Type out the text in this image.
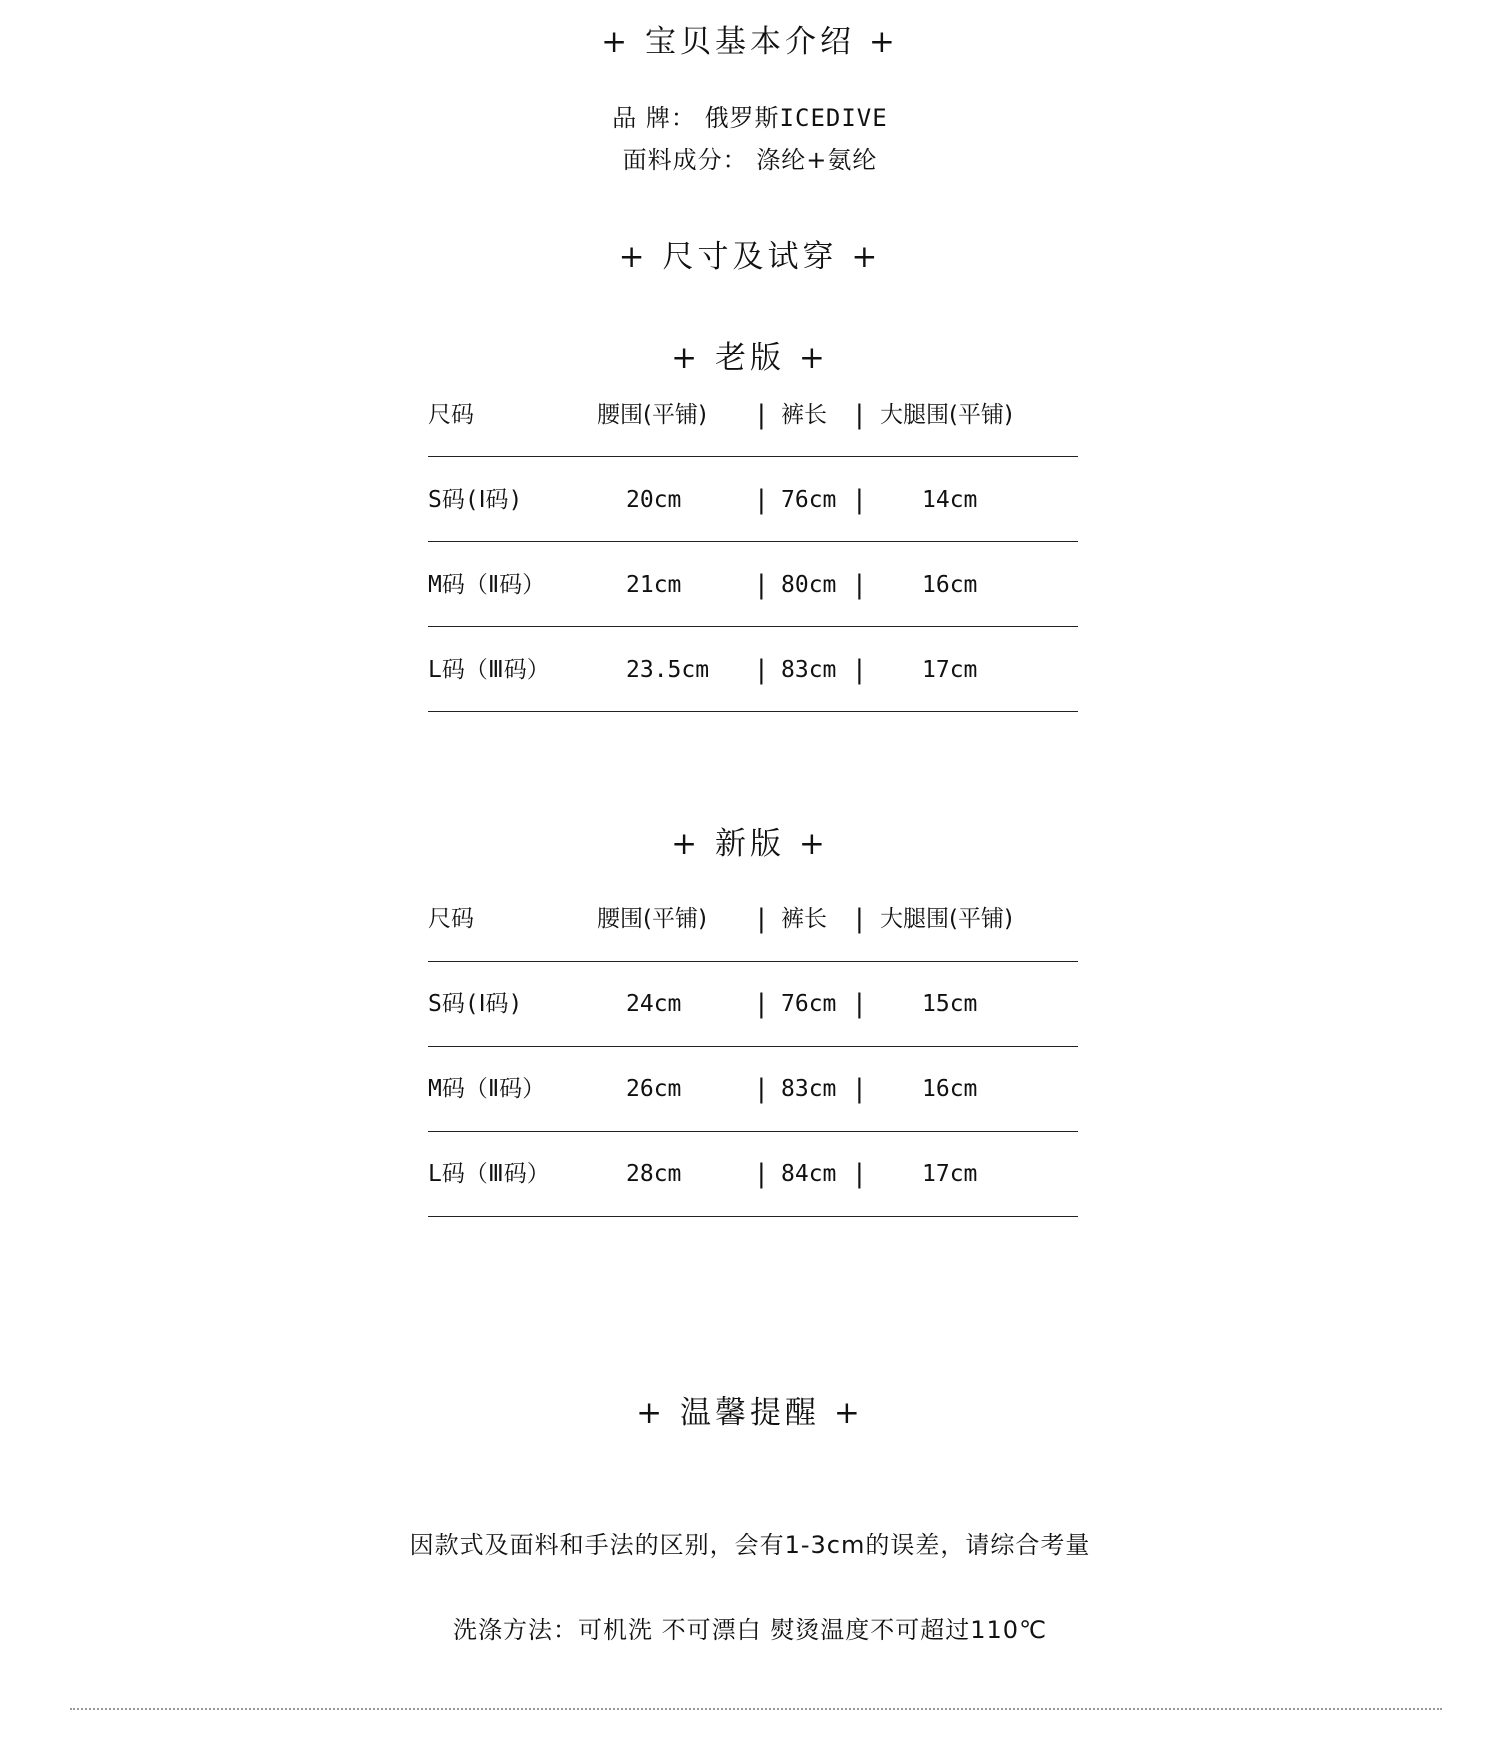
+ 宝贝基本介绍 +
品 牌： 俄罗斯ICEDIVE
面料成分： 涤纶+氨纶
+ 尺寸及试穿 +
+ 老版 +
尺码	腰围(平铺) | 裤长 | 大腿围(平铺)
S码(Ⅰ码)	20cm	| 76cm |	14cm
M码（Ⅱ码）	21cm	| 80cm |	16cm
L码（Ⅲ码）	23.5cm | 83cm |	17cm
+ 新版 +
尺码	腰围(平铺) | 裤长 | 大腿围(平铺)
S码(Ⅰ码)	24cm	| 76cm |	15cm
M码（Ⅱ码）	26cm	| 83cm |	16cm
L码（Ⅲ码）	28cm	| 84cm |	17cm
+ 温馨提醒 +
因款式及面料和手法的区别，会有1-3cm的误差，请综合考量
洗涤方法：可机洗 不可漂白 熨烫温度不可超过110℃
